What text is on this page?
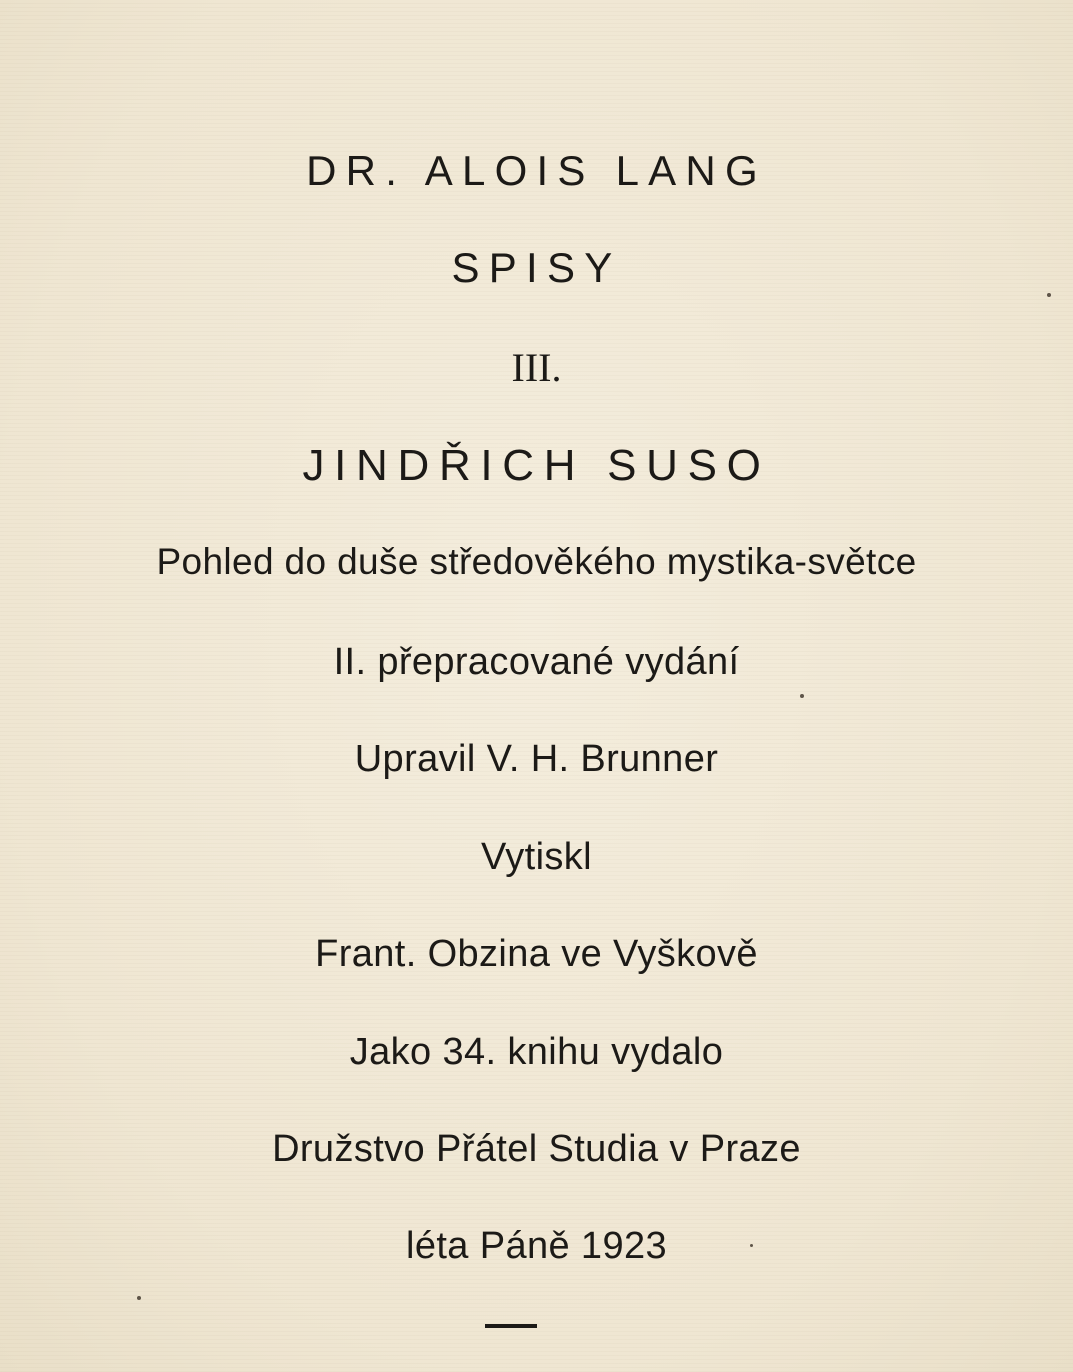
DR. ALOIS LANG
SPISY
III.
JINDŘICH SUSO
Pohled do duše středověkého mystika-světce
II. přepracované vydání
Upravil V. H. Brunner
Vytiskl
Frant. Obzina ve Vyškově
Jako 34. knihu vydalo
Družstvo Přátel Studia v Praze
léta Páně 1923
